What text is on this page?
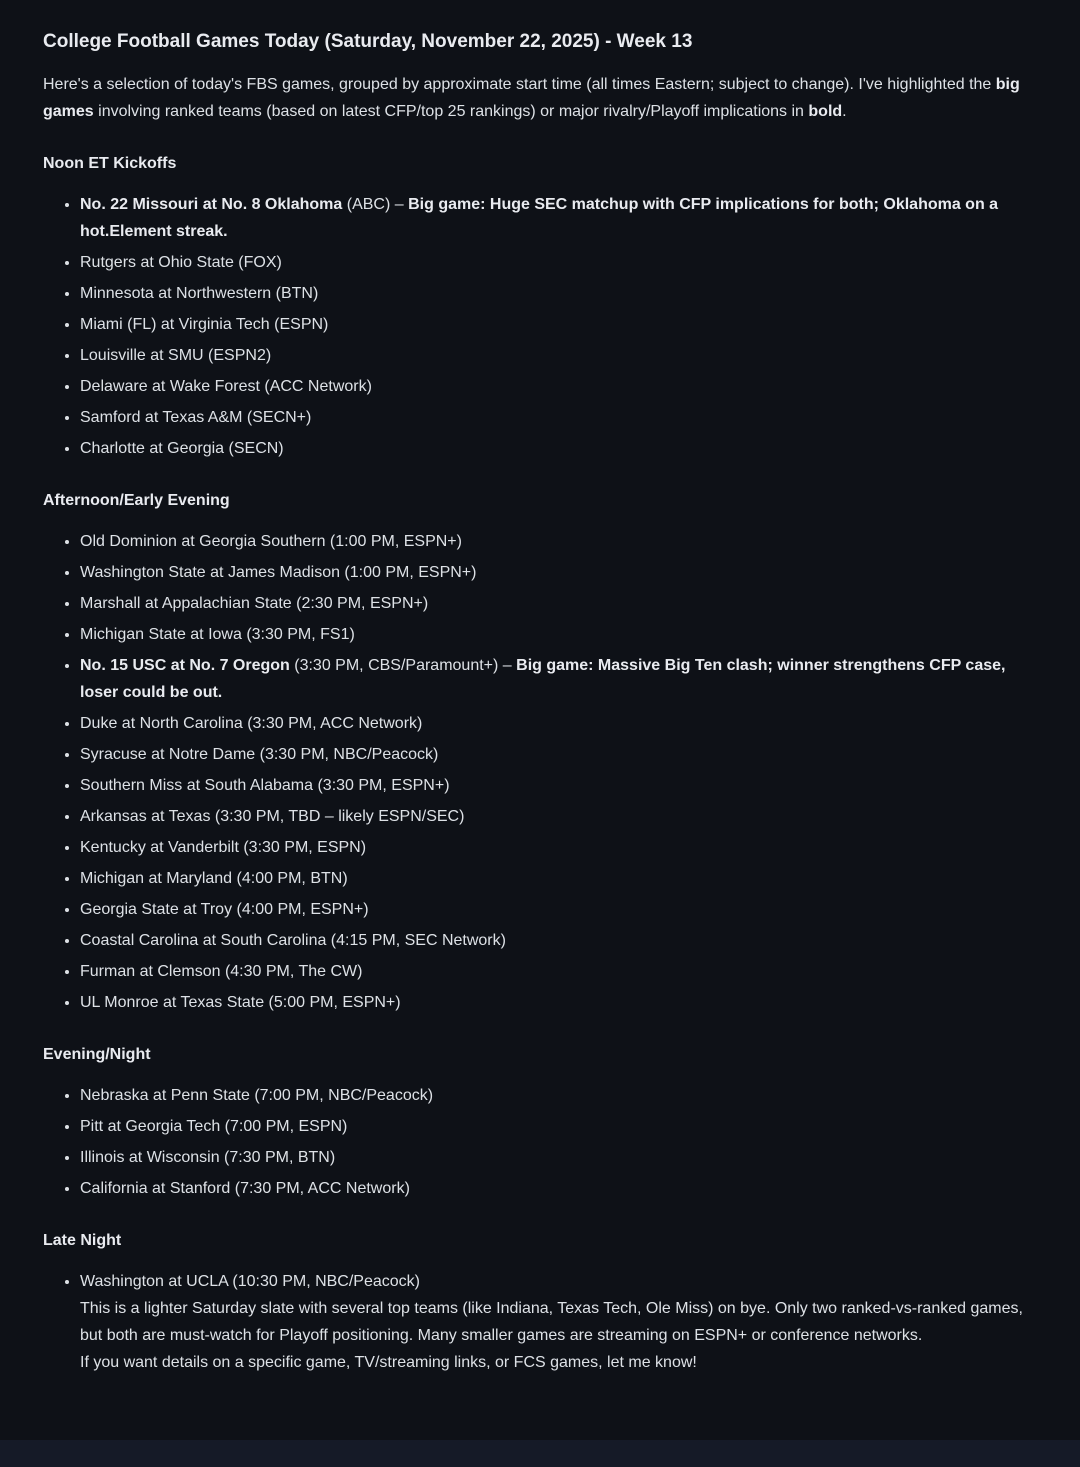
College Football Games Today (Saturday, November 22, 2025) - Week 13

Here's a selection of today's FBS games, grouped by approximate start time (all times Eastern; subject to change). I've highlighted the big games involving ranked teams (based on latest CFP/top 25 rankings) or major rivalry/Playoff implications in bold.

Noon ET Kickoffs
• No. 22 Missouri at No. 8 Oklahoma (ABC) – Big game: Huge SEC matchup with CFP implications for both; Oklahoma on a hot.Element streak.
• Rutgers at Ohio State (FOX)
• Minnesota at Northwestern (BTN)
• Miami (FL) at Virginia Tech (ESPN)
• Louisville at SMU (ESPN2)
• Delaware at Wake Forest (ACC Network)
• Samford at Texas A&M (SECN+)
• Charlotte at Georgia (SECN)
Afternoon/Early Evening
• Old Dominion at Georgia Southern (1:00 PM, ESPN+)
• Washington State at James Madison (1:00 PM, ESPN+)
• Marshall at Appalachian State (2:30 PM, ESPN+)
• Michigan State at Iowa (3:30 PM, FS1)
• No. 15 USC at No. 7 Oregon (3:30 PM, CBS/Paramount+) – Big game: Massive Big Ten clash; winner strengthens CFP case, loser could be out.
• Duke at North Carolina (3:30 PM, ACC Network)
• Syracuse at Notre Dame (3:30 PM, NBC/Peacock)
• Southern Miss at South Alabama (3:30 PM, ESPN+)
• Arkansas at Texas (3:30 PM, TBD – likely ESPN/SEC)
• Kentucky at Vanderbilt (3:30 PM, ESPN)
• Michigan at Maryland (4:00 PM, BTN)
• Georgia State at Troy (4:00 PM, ESPN+)
• Coastal Carolina at South Carolina (4:15 PM, SEC Network)
• Furman at Clemson (4:30 PM, The CW)
• UL Monroe at Texas State (5:00 PM, ESPN+)
Evening/Night
• Nebraska at Penn State (7:00 PM, NBC/Peacock)
• Pitt at Georgia Tech (7:00 PM, ESPN)
• Illinois at Wisconsin (7:30 PM, BTN)
• California at Stanford (7:30 PM, ACC Network)
Late Night
• Washington at UCLA (10:30 PM, NBC/Peacock)
This is a lighter Saturday slate with several top teams (like Indiana, Texas Tech, Ole Miss) on bye. Only two ranked-vs-ranked games, but both are must-watch for Playoff positioning. Many smaller games are streaming on ESPN+ or conference networks.
If you want details on a specific game, TV/streaming links, or FCS games, let me know!
